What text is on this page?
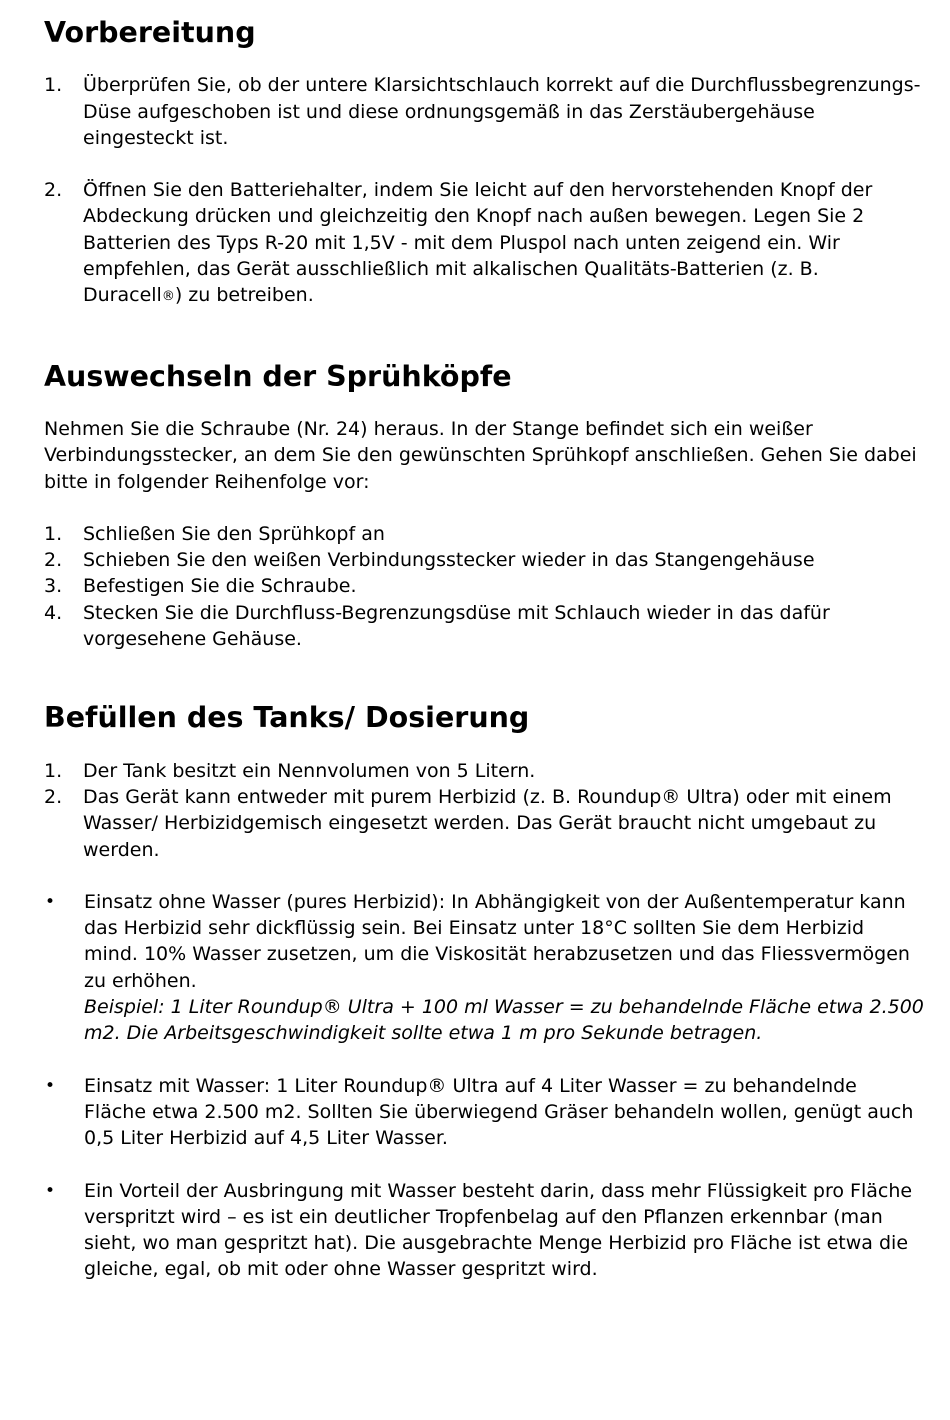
Vorbereitung
1.	Überprüfen Sie, ob der untere Klarsichtschlauch korrekt auf die Durchflussbegrenzungs-Düse aufgeschoben ist und diese ordnungsgemäß in das Zerstäubergehäuse eingesteckt ist.
2.	Öffnen Sie den Batteriehalter, indem Sie leicht auf den hervorstehenden Knopf der Abdeckung drücken und gleichzeitig den Knopf nach außen bewegen. Legen Sie 2 Batterien des Typs R-20 mit 1,5V - mit dem Pluspol nach unten zeigend ein. Wir empfehlen, das Gerät ausschließlich mit alkalischen Qualitäts-Batterien (z. B. Duracell®) zu betreiben.
Auswechseln der Sprühköpfe

Nehmen Sie die Schraube (Nr. 24) heraus. In der Stange befindet sich ein weißer Verbindungsstecker, an dem Sie den gewünschten Sprühkopf anschließen. Gehen Sie dabei bitte in folgender Reihenfolge vor:

1.	Schließen Sie den Sprühkopf an
2.	Schieben Sie den weißen Verbindungsstecker wieder in das Stangengehäuse
3.	Befestigen Sie die Schraube.
4.	Stecken Sie die Durchfluss-Begrenzungsdüse mit Schlauch wieder in das dafür vorgesehene Gehäuse.
Befüllen des Tanks/ Dosierung
1.	Der Tank besitzt ein Nennvolumen von 5 Litern.
2.	Das Gerät kann entweder mit purem Herbizid (z. B. Roundup® Ultra) oder mit einem Wasser/ Herbizidgemisch eingesetzt werden. Das Gerät braucht nicht umgebaut zu werden.
•	Einsatz ohne Wasser (pures Herbizid): In Abhängigkeit von der Außentemperatur kann das Herbizid sehr dickflüssig sein. Bei Einsatz unter 18°C sollten Sie dem Herbizid mind. 10% Wasser zusetzen, um die Viskosität herabzusetzen und das Fliessvermögen zu erhöhen.
Beispiel: 1 Liter Roundup® Ultra + 100 ml Wasser = zu behandelnde Fläche etwa 2.500 m2. Die Arbeitsgeschwindigkeit sollte etwa 1 m pro Sekunde betragen.
•	Einsatz mit Wasser: 1 Liter Roundup® Ultra auf 4 Liter Wasser = zu behandelnde Fläche etwa 2.500 m2. Sollten Sie überwiegend Gräser behandeln wollen, genügt auch 0,5 Liter Herbizid auf 4,5 Liter Wasser.
•	Ein Vorteil der Ausbringung mit Wasser besteht darin, dass mehr Flüssigkeit pro Fläche verspritzt wird – es ist ein deutlicher Tropfenbelag auf den Pflanzen erkennbar (man sieht, wo man gespritzt hat). Die ausgebrachte Menge Herbizid pro Fläche ist etwa die gleiche, egal, ob mit oder ohne Wasser gespritzt wird.
